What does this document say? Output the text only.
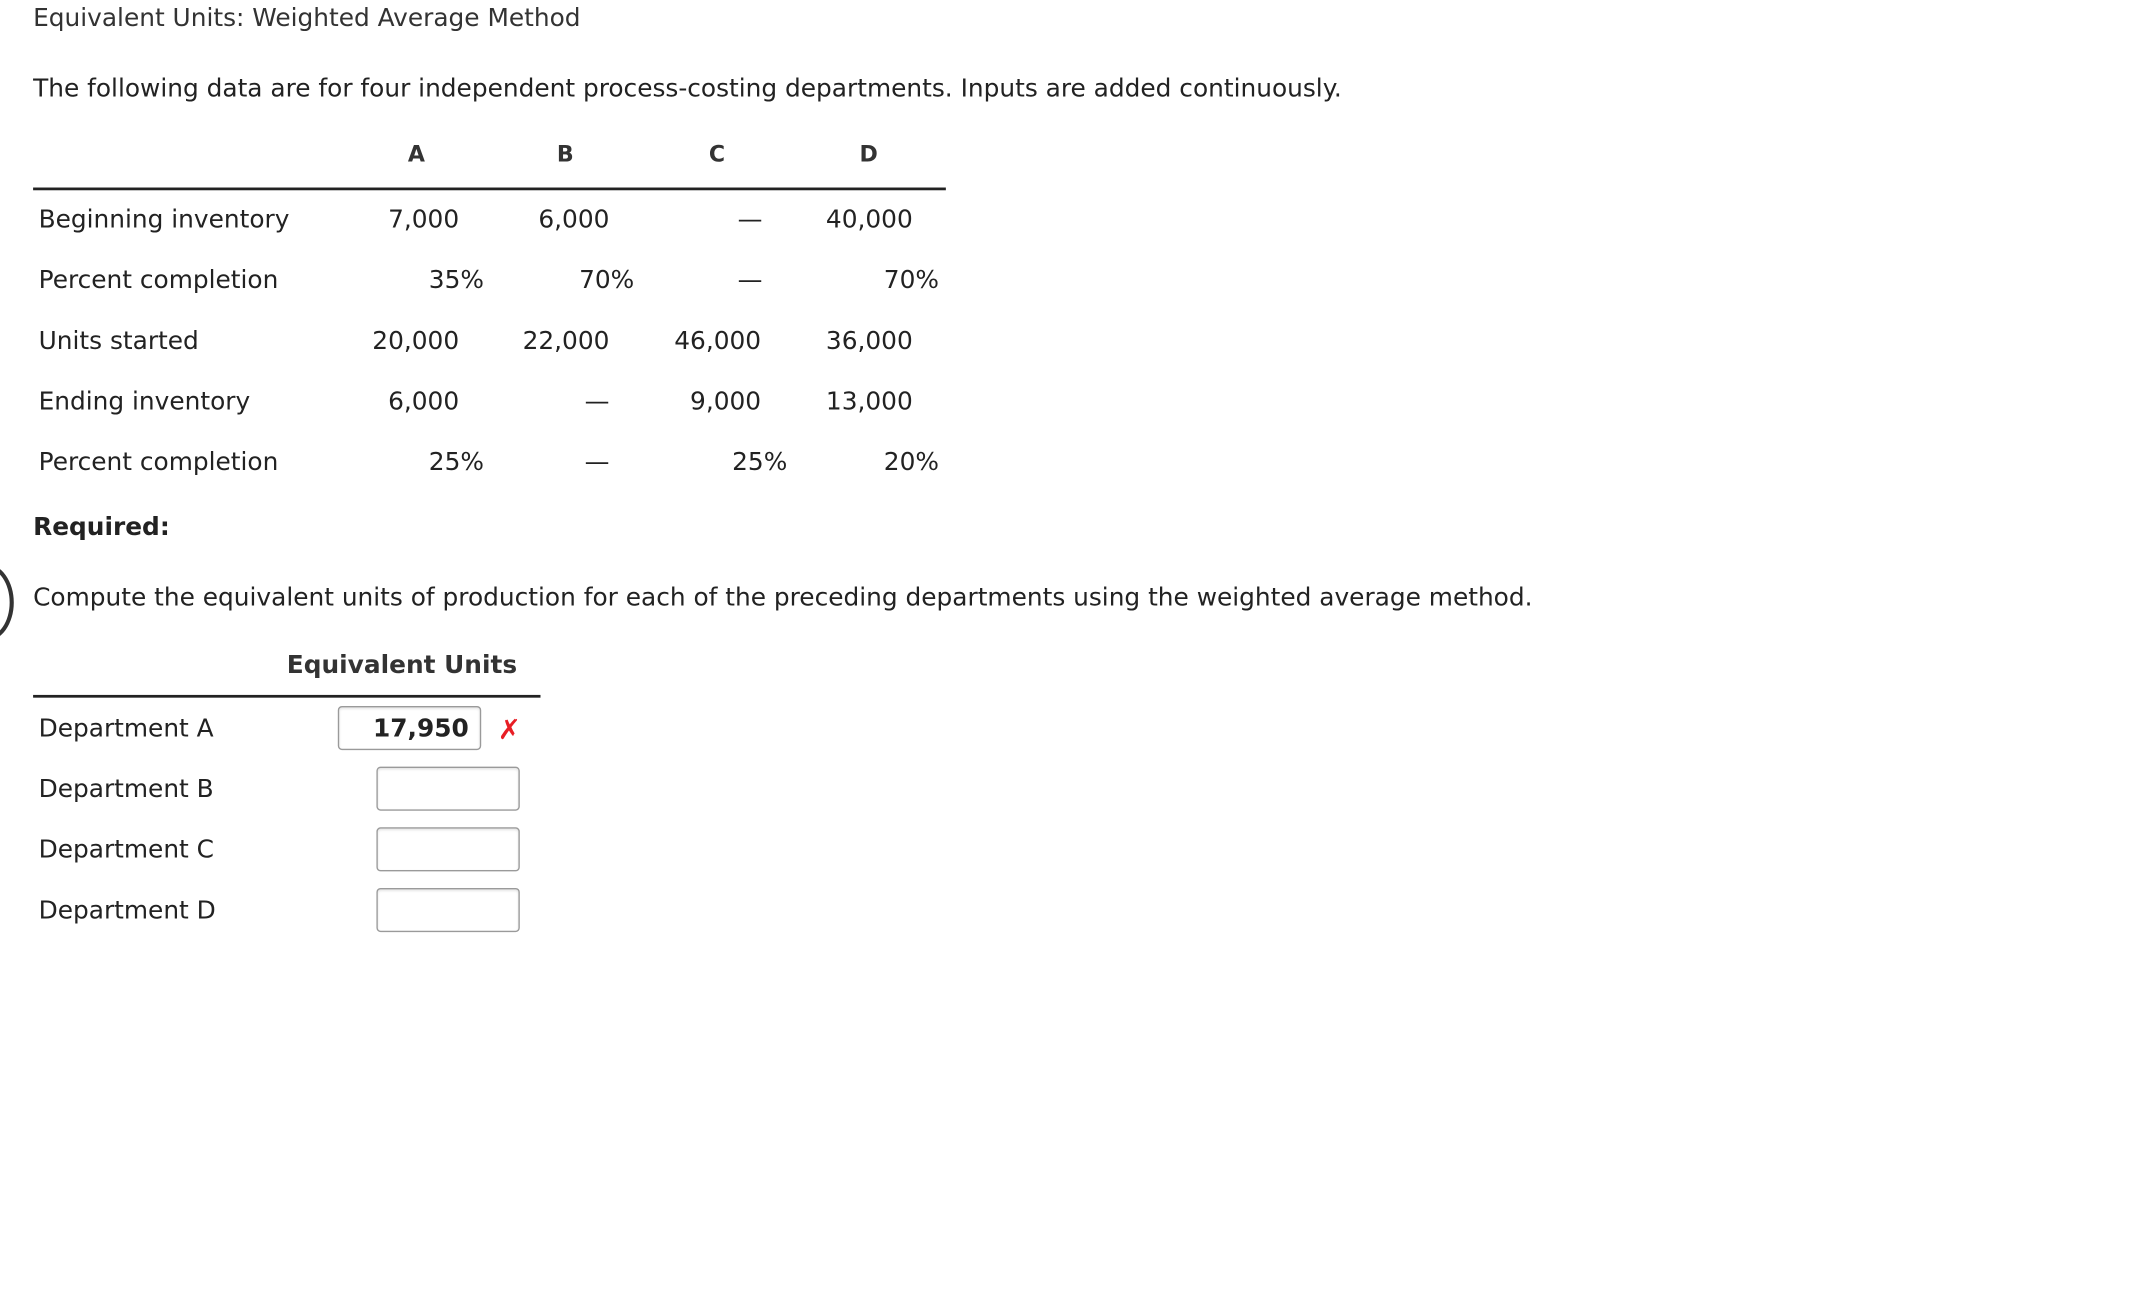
Equivalent Units: Weighted Average Method
The following data are for four independent process-costing departments. Inputs are added continuously.
A	B	C	D
Beginning inventory	7,000	6,000	—	40,000
Percent completion	35%	70%	—	70%
Units started	20,000	22,000	46,000	36,000
Ending inventory	6,000	—	9,000	13,000
Percent completion	25%	—	25%	20%
Required:
Compute the equivalent units of production for each of the preceding departments using the weighted average method.
Equivalent Units
Department A
17,950	✗
Department B
Department C
Department D
